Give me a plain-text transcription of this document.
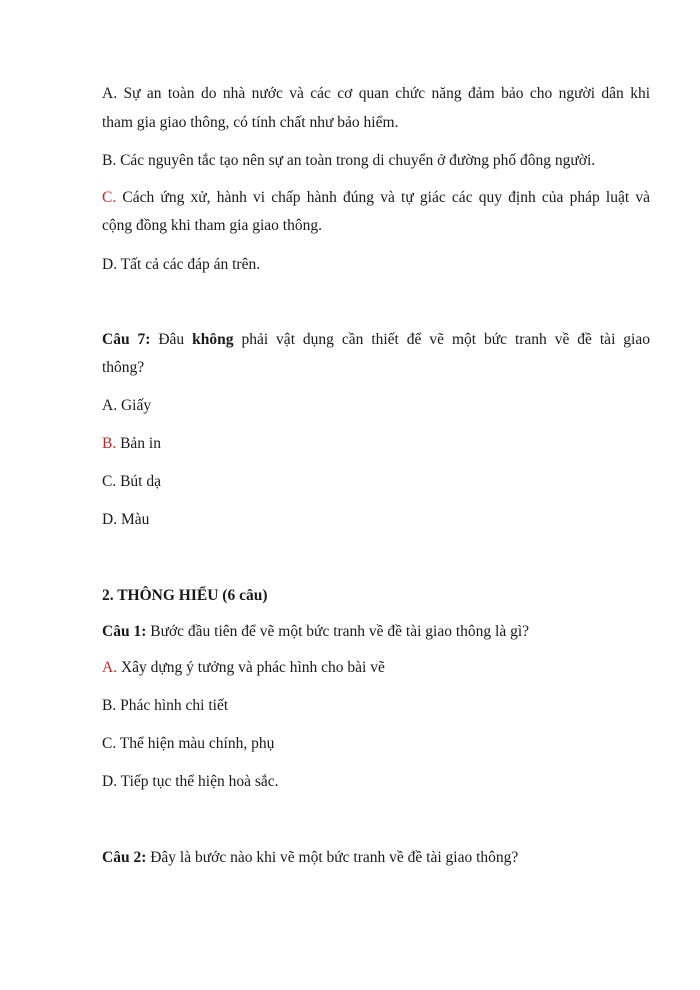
A. Sự an toàn do nhà nước và các cơ quan chức năng đảm bảo cho người dân khi
tham gia giao thông, có tính chất như bảo hiểm.
B. Các nguyên tắc tạo nên sự an toàn trong di chuyển ở đường phố đông người.
C. Cách ứng xử, hành vi chấp hành đúng và tự giác các quy định của pháp luật và
cộng đồng khi tham gia giao thông.
D. Tất cả các đáp án trên.
Câu 7: Đâu không phải vật dụng cần thiết để vẽ một bức tranh về đề tài giao
thông?
A. Giấy
B. Bản in
C. Bút dạ
D. Màu
2. THÔNG HIỂU (6 câu)
Câu 1: Bước đầu tiên để vẽ một bức tranh về đề tài giao thông là gì?
A. Xây dựng ý tưởng và phác hình cho bài vẽ
B. Phác hình chi tiết
C. Thể hiện màu chính, phụ
D. Tiếp tục thể hiện hoà sắc.
Câu 2: Đây là bước nào khi vẽ một bức tranh về đề tài giao thông?
